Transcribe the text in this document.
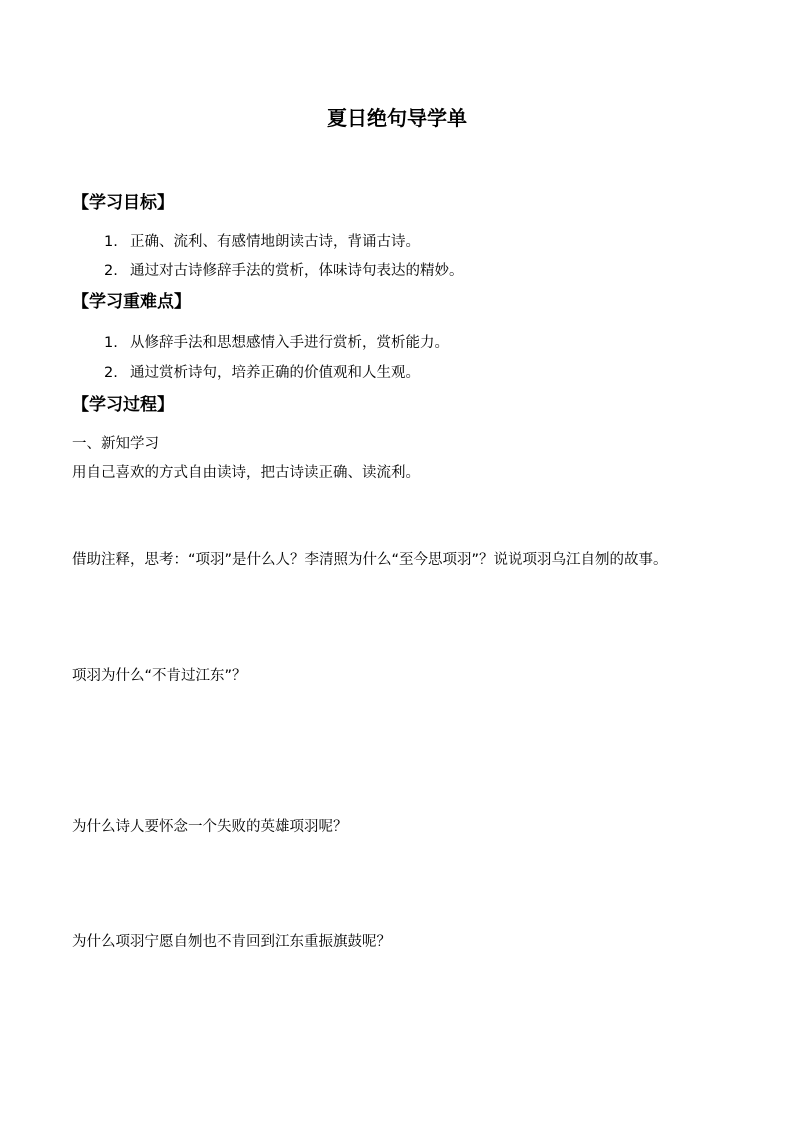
夏日绝句导学单
【学习目标】
1. 正确、流利、有感情地朗读古诗，背诵古诗。
2. 通过对古诗修辞手法的赏析，体味诗句表达的精妙。
【学习重难点】
1. 从修辞手法和思想感情入手进行赏析，赏析能力。
2. 通过赏析诗句，培养正确的价值观和人生观。
【学习过程】
一、新知学习
用自己喜欢的方式自由读诗，把古诗读正确、读流利。
借助注释，思考：“项羽”是什么人？李清照为什么“至今思项羽”？说说项羽乌江自刎的故事。
项羽为什么“不肯过江东”？
为什么诗人要怀念一个失败的英雄项羽呢？
为什么项羽宁愿自刎也不肯回到江东重振旗鼓呢？
